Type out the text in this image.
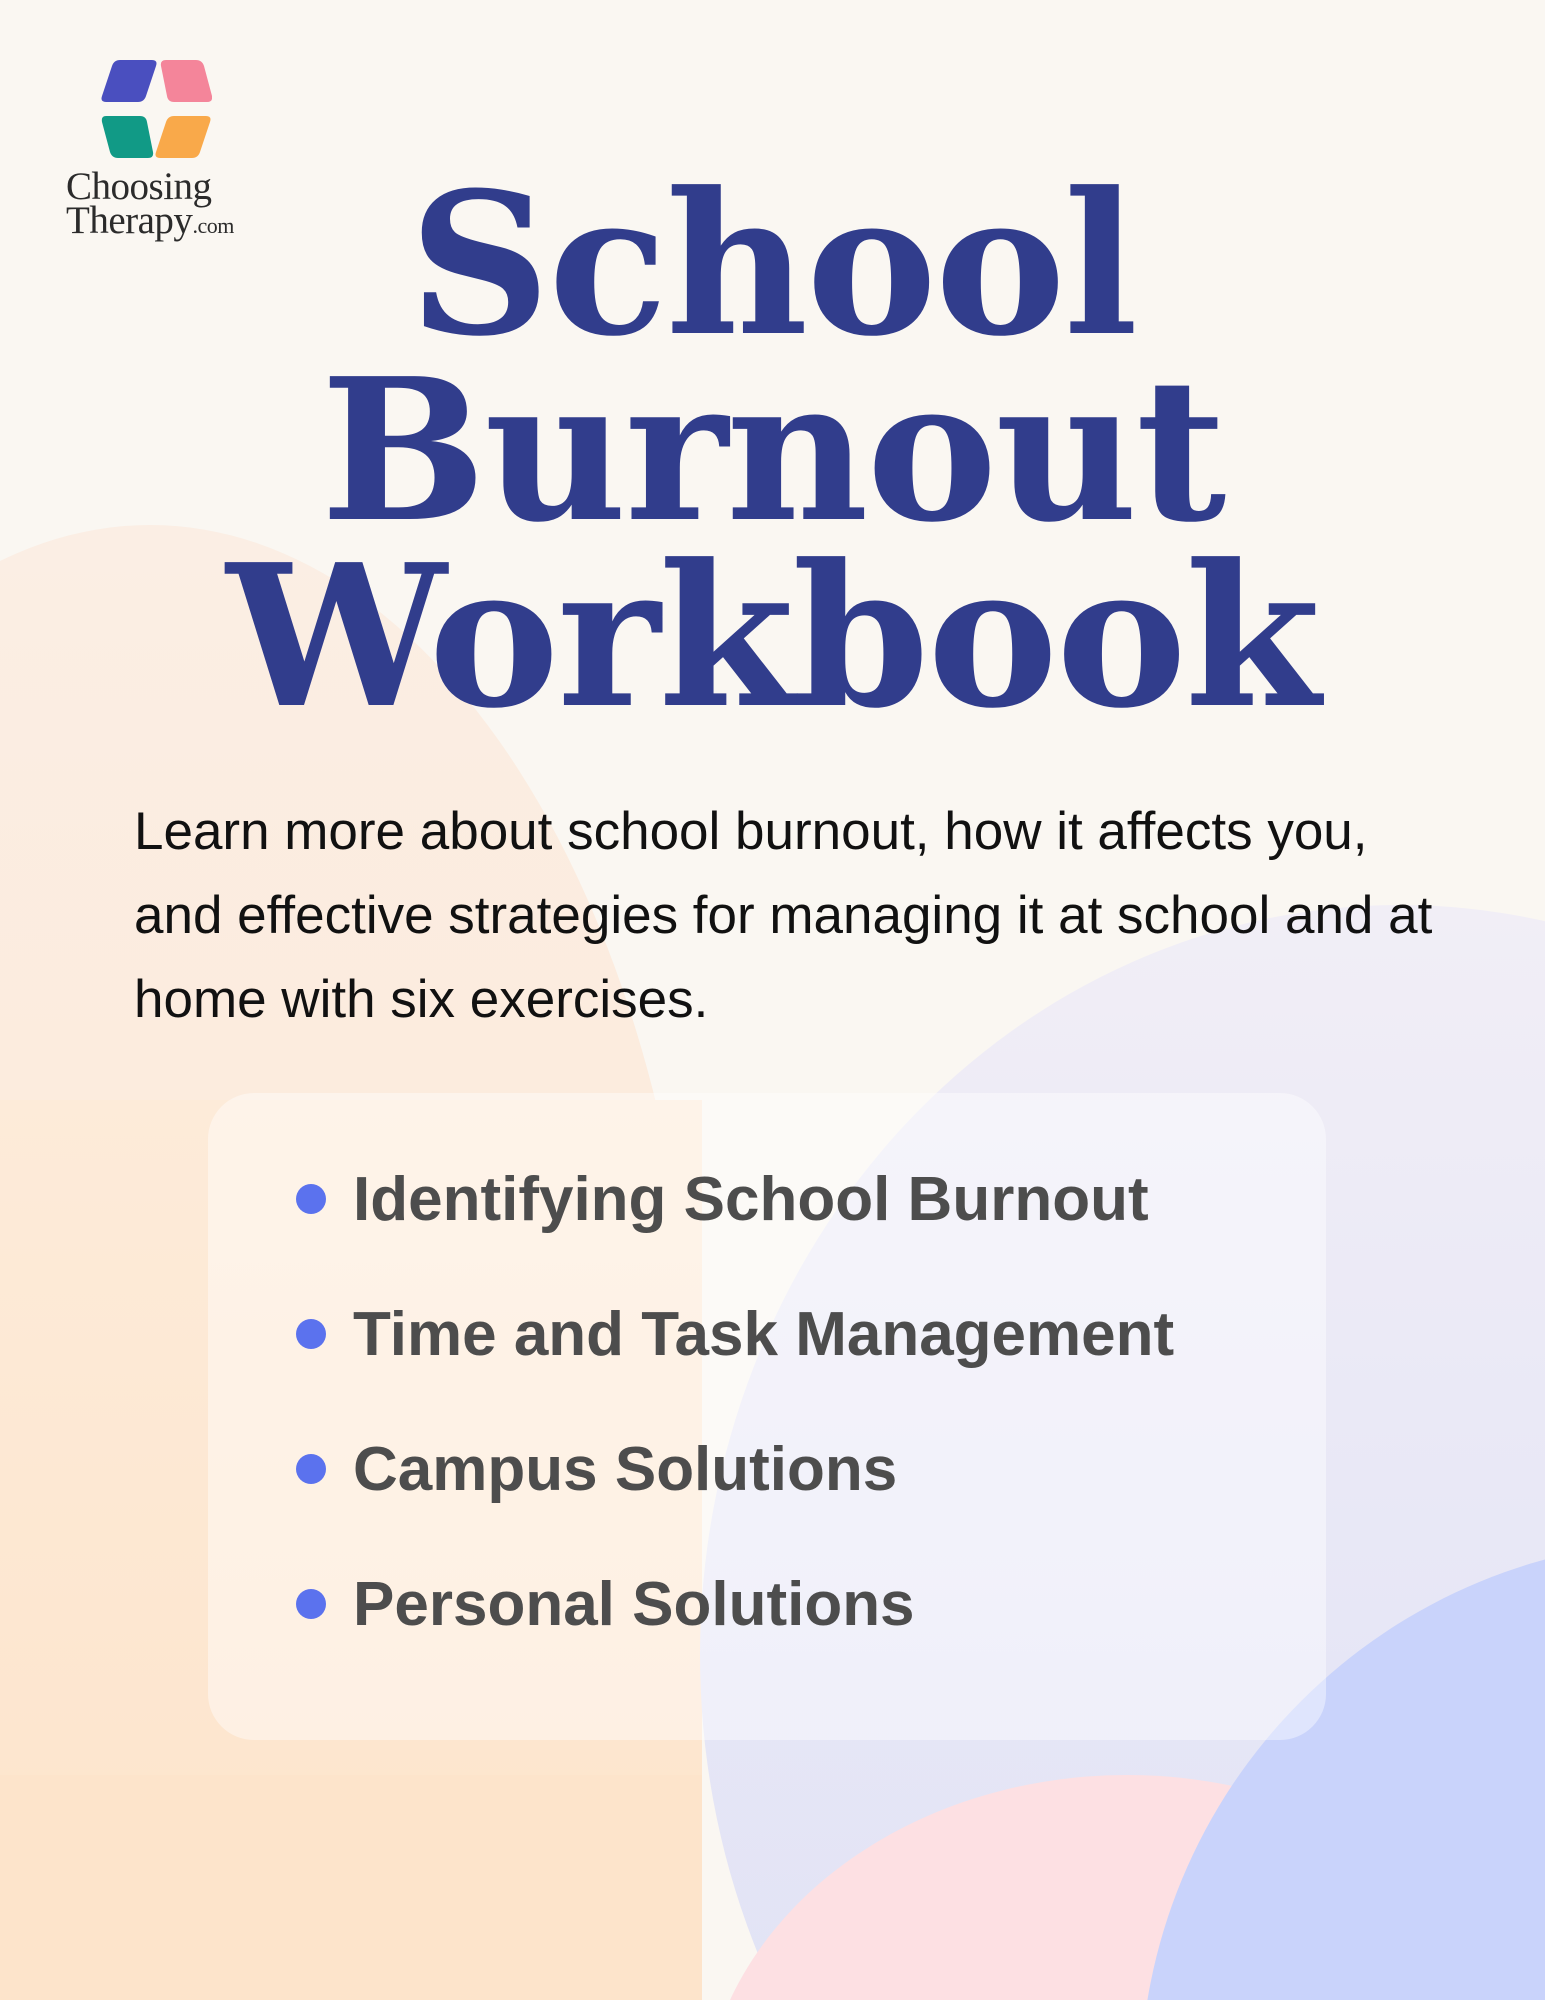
Choosing
Therapy.com School
Burnout
Workbook

Learn more about school burnout, how it affects you, and effective strategies for managing it at school and at home with six exercises.

Identifying School Burnout
Time and Task Management
Campus Solutions
Personal Solutions
